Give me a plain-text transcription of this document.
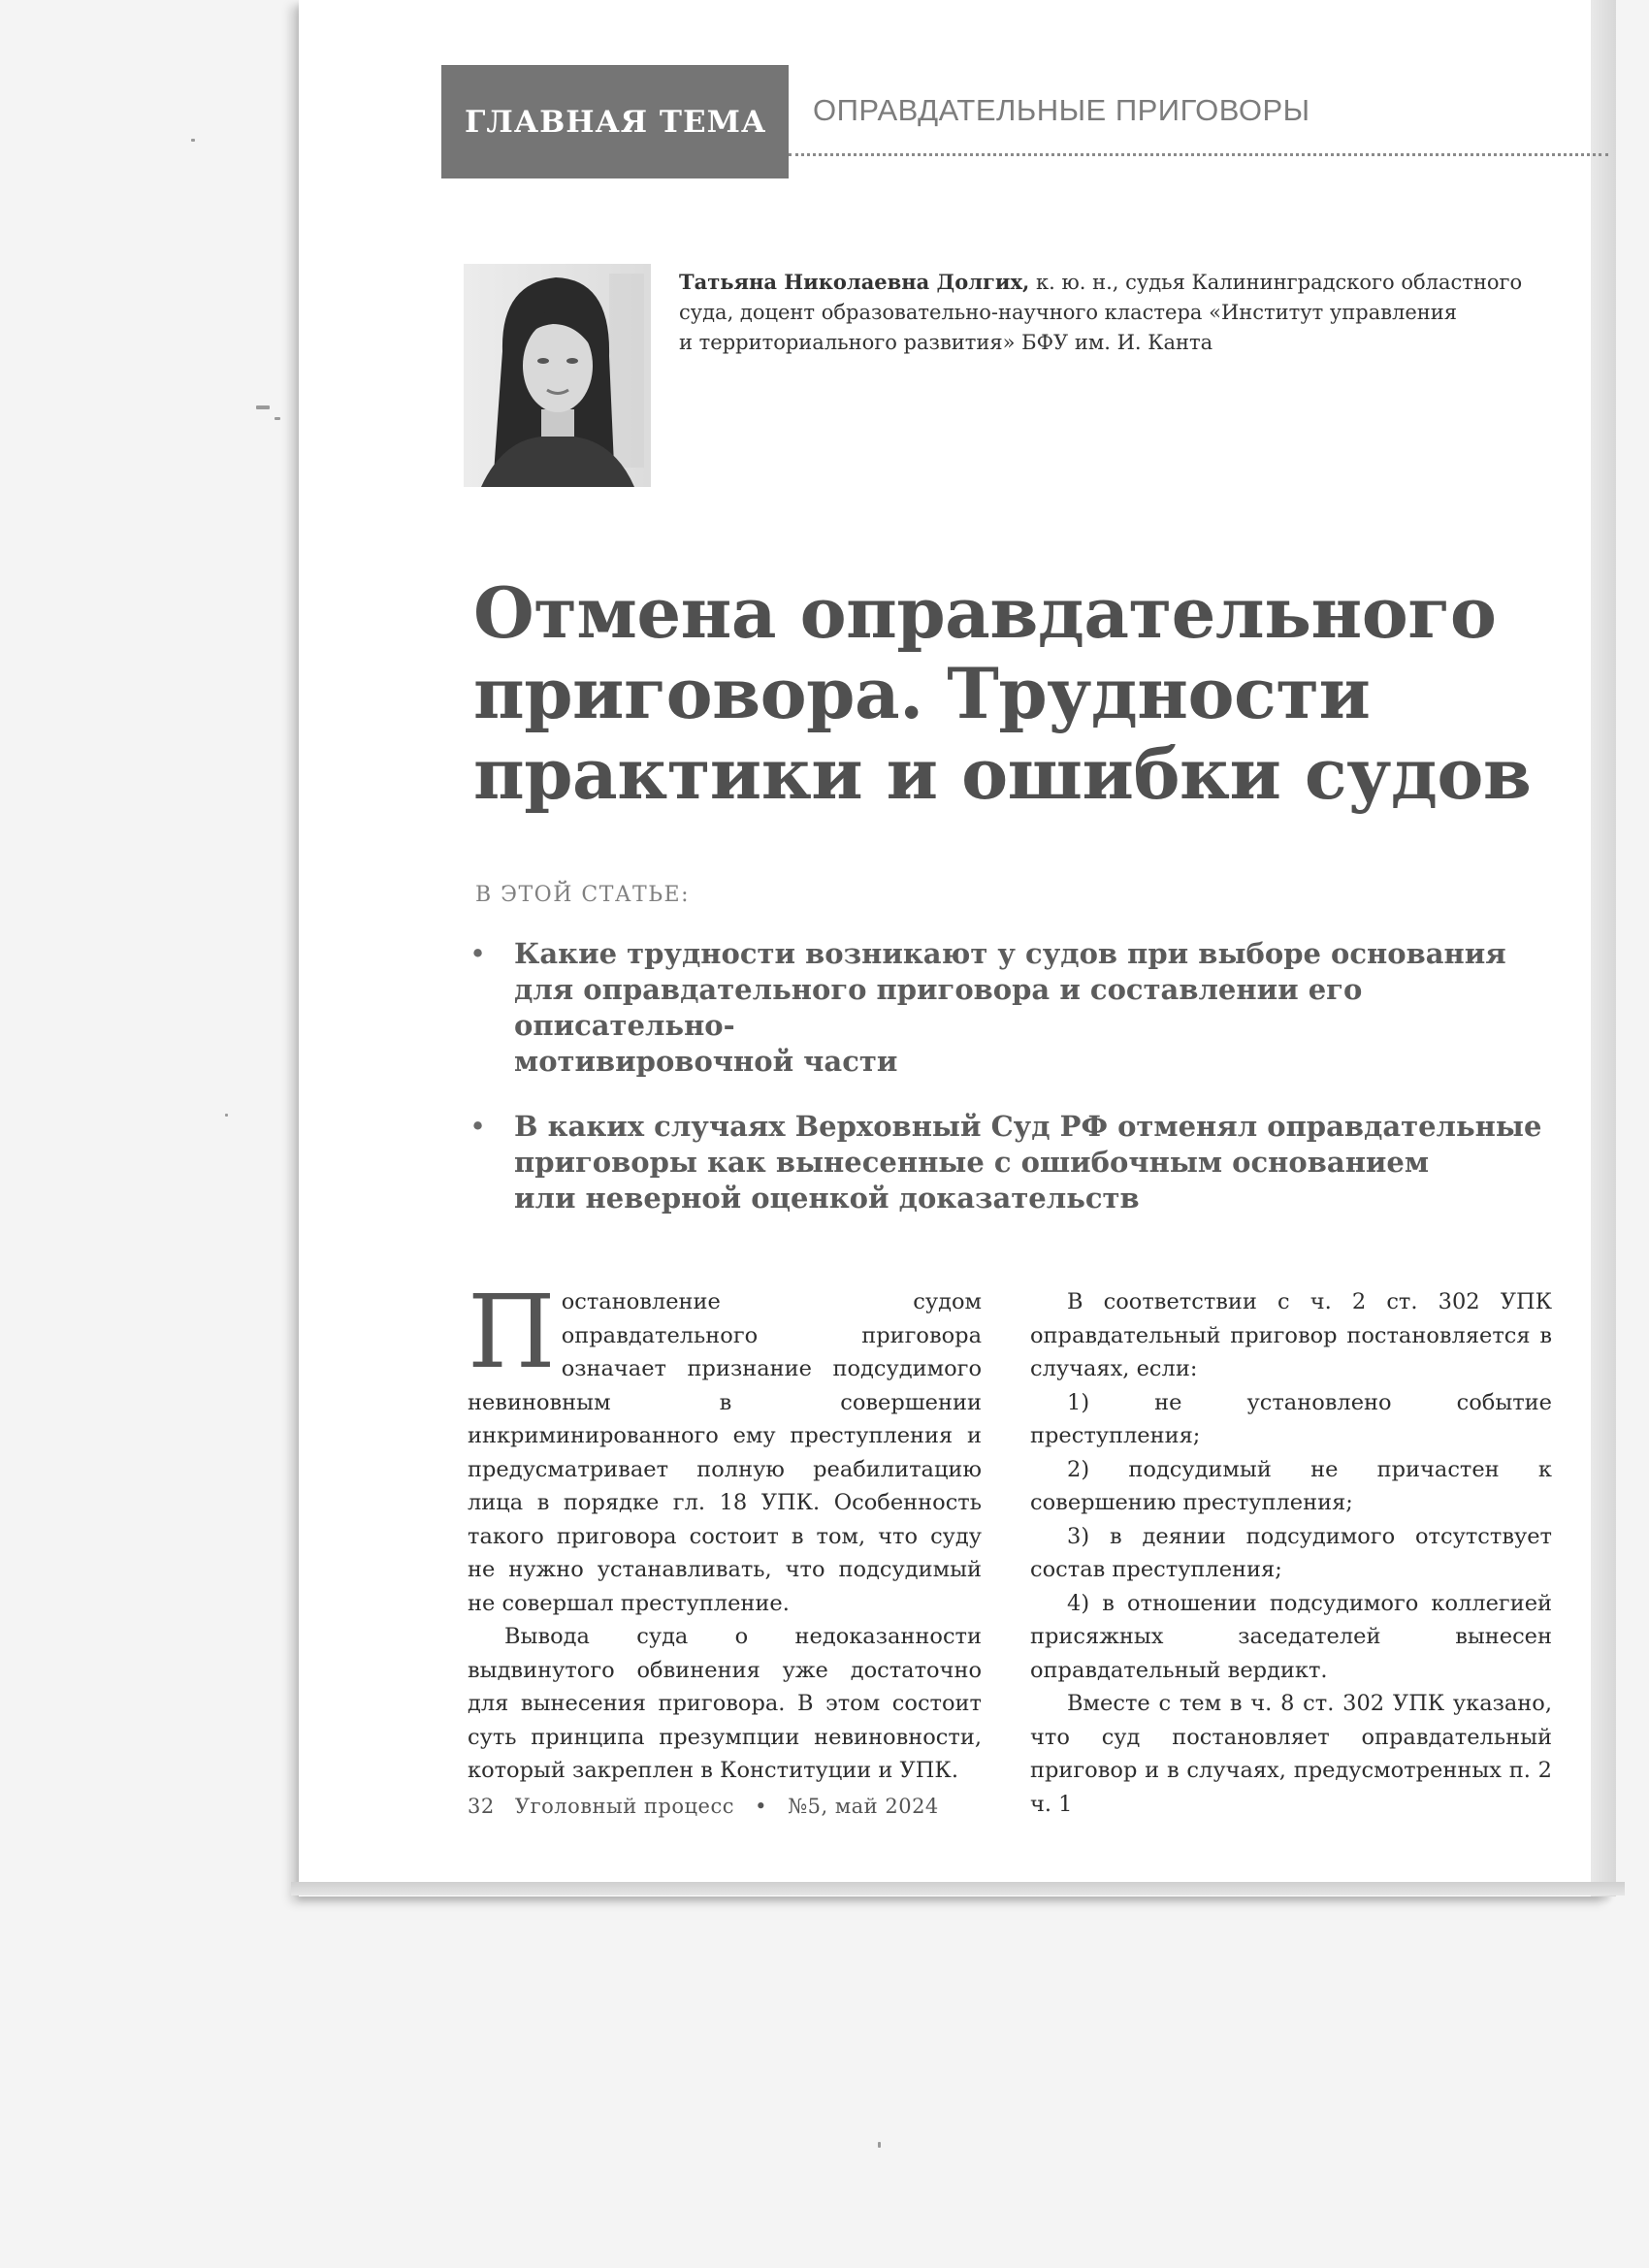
ГЛАВНАЯ ТЕМА	ОПРАВДАТЕЛЬНЫЕ ПРИГОВОРЫ
Татьяна Николаевна Долгих, к. ю. н., судья Калининградского областного
суда, доцент образовательно-научного кластера «Институт управления
и территориального развития» БФУ им. И. Канта
Отмена оправдательного
приговора. Трудности
практики и ошибки судов
В ЭТОЙ СТАТЬЕ:
• Какие трудности возникают у судов при выборе основания
для оправдательного приговора и составлении его описательно-
мотивировочной части
• В каких случаях Верховный Суд РФ отменял оправдательные
приговоры как вынесенные с ошибочным основанием
или неверной оценкой доказательств

Постановление судом оправдательного приговора означает признание подсудимого невиновным в совершении инкриминированного ему преступления и предусматривает полную реабилитацию лица в порядке гл. 18 УПК. Особенность такого приговора состоит в том, что суду не нужно устанавливать, что подсудимый не совершал преступление.

Вывода суда о недоказанности выдвинутого обвинения уже достаточно для вынесения приговора. В этом состоит суть принципа презумпции невиновности, который закреплен в Конституции и УПК.

В соответствии с ч. 2 ст. 302 УПК оправдательный приговор постановляется в случаях, если:

1) не установлено событие преступления;

2) подсудимый не причастен к совершению преступления;

3) в деянии подсудимого отсутствует состав преступления;

4) в отношении подсудимого коллегией присяжных заседателей вынесен оправдательный вердикт.

Вместе с тем в ч. 8 ст. 302 УПК указано, что суд постановляет оправдательный приговор и в случаях, предусмотренных п. 2 ч. 1

32 Уголовный процесс • №5, май 2024
